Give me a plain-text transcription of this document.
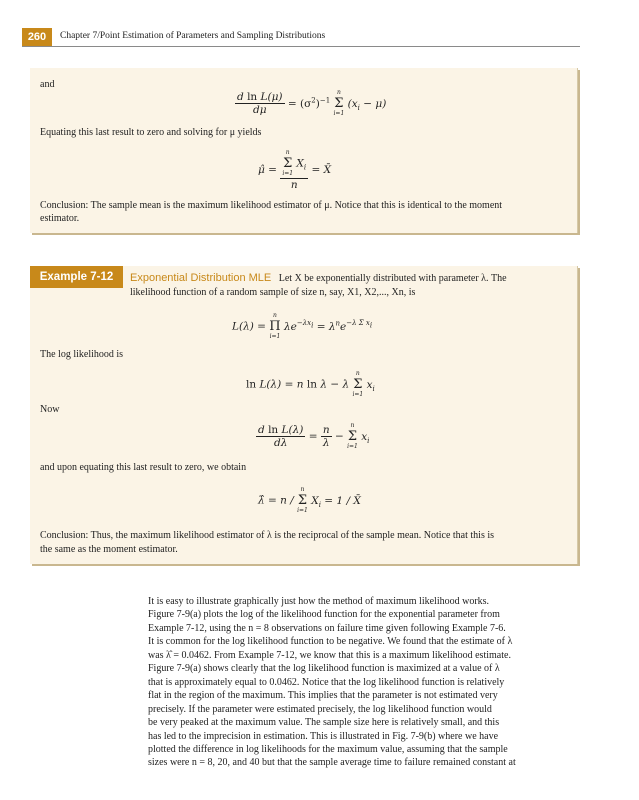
260	Chapter 7/Point Estimation of Parameters and Sampling Distributions
and
$\frac{\text{d ln L(μ)}}{d\mu} = (\sigma^2)^{-1}$
n
Σ
i=1
$(x_i - \mu)$
Equating this last result to zero and solving for μ yields
μ̂ = n
Σ
i=1
$X_i$
n = X̄
Conclusion: The sample mean is the maximum likelihood estimator of μ. Notice that this is identical to the moment
estimator.
Example 7-12	Exponential Distribution MLE Let X be exponentially distributed with parameter λ. The
likelihood function of a random sample of size n, say, X1, X2,..., Xn, is
L(λ) =
n
Π
i=1
$\lambda e^{-\lambda x_i} = \lambda^ne^{-\lambda \Sigma x_i}$
The log likelihood is
ln L(λ) = n ln λ − λ
n
Σ
i=1
$x_i$
Now
$\frac{\text{d ln L(λ)}}{d\lambda} = \frac{n}{\lambda}$ −
n
Σ
i=1
$x_i$
and upon equating this last result to zero, we obtain
λ̂ = n /
n
Σ
i=1
$X_i = 1$ / X̄
Conclusion: Thus, the maximum likelihood estimator of λ is the reciprocal of the sample mean. Notice that this is
the same as the moment estimator.
It is easy to illustrate graphically just how the method of maximum likelihood works.
Figure 7-9(a) plots the log of the likelihood function for the exponential parameter from
Example 7-12, using the n = 8 observations on failure time given following Example 7-6.
It is common for the log likelihood function to be negative. We found that the estimate of λ
was λ̂ = 0.0462. From Example 7-12, we know that this is a maximum likelihood estimate.
Figure 7-9(a) shows clearly that the log likelihood function is maximized at a value of λ
that is approximately equal to 0.0462. Notice that the log likelihood function is relatively
flat in the region of the maximum. This implies that the parameter is not estimated very
precisely. If the parameter were estimated precisely, the log likelihood function would
be very peaked at the maximum value. The sample size here is relatively small, and this
has led to the imprecision in estimation. This is illustrated in Fig. 7-9(b) where we have
plotted the difference in log likelihoods for the maximum value, assuming that the sample
sizes were n = 8, 20, and 40 but that the sample average time to failure remained constant at
